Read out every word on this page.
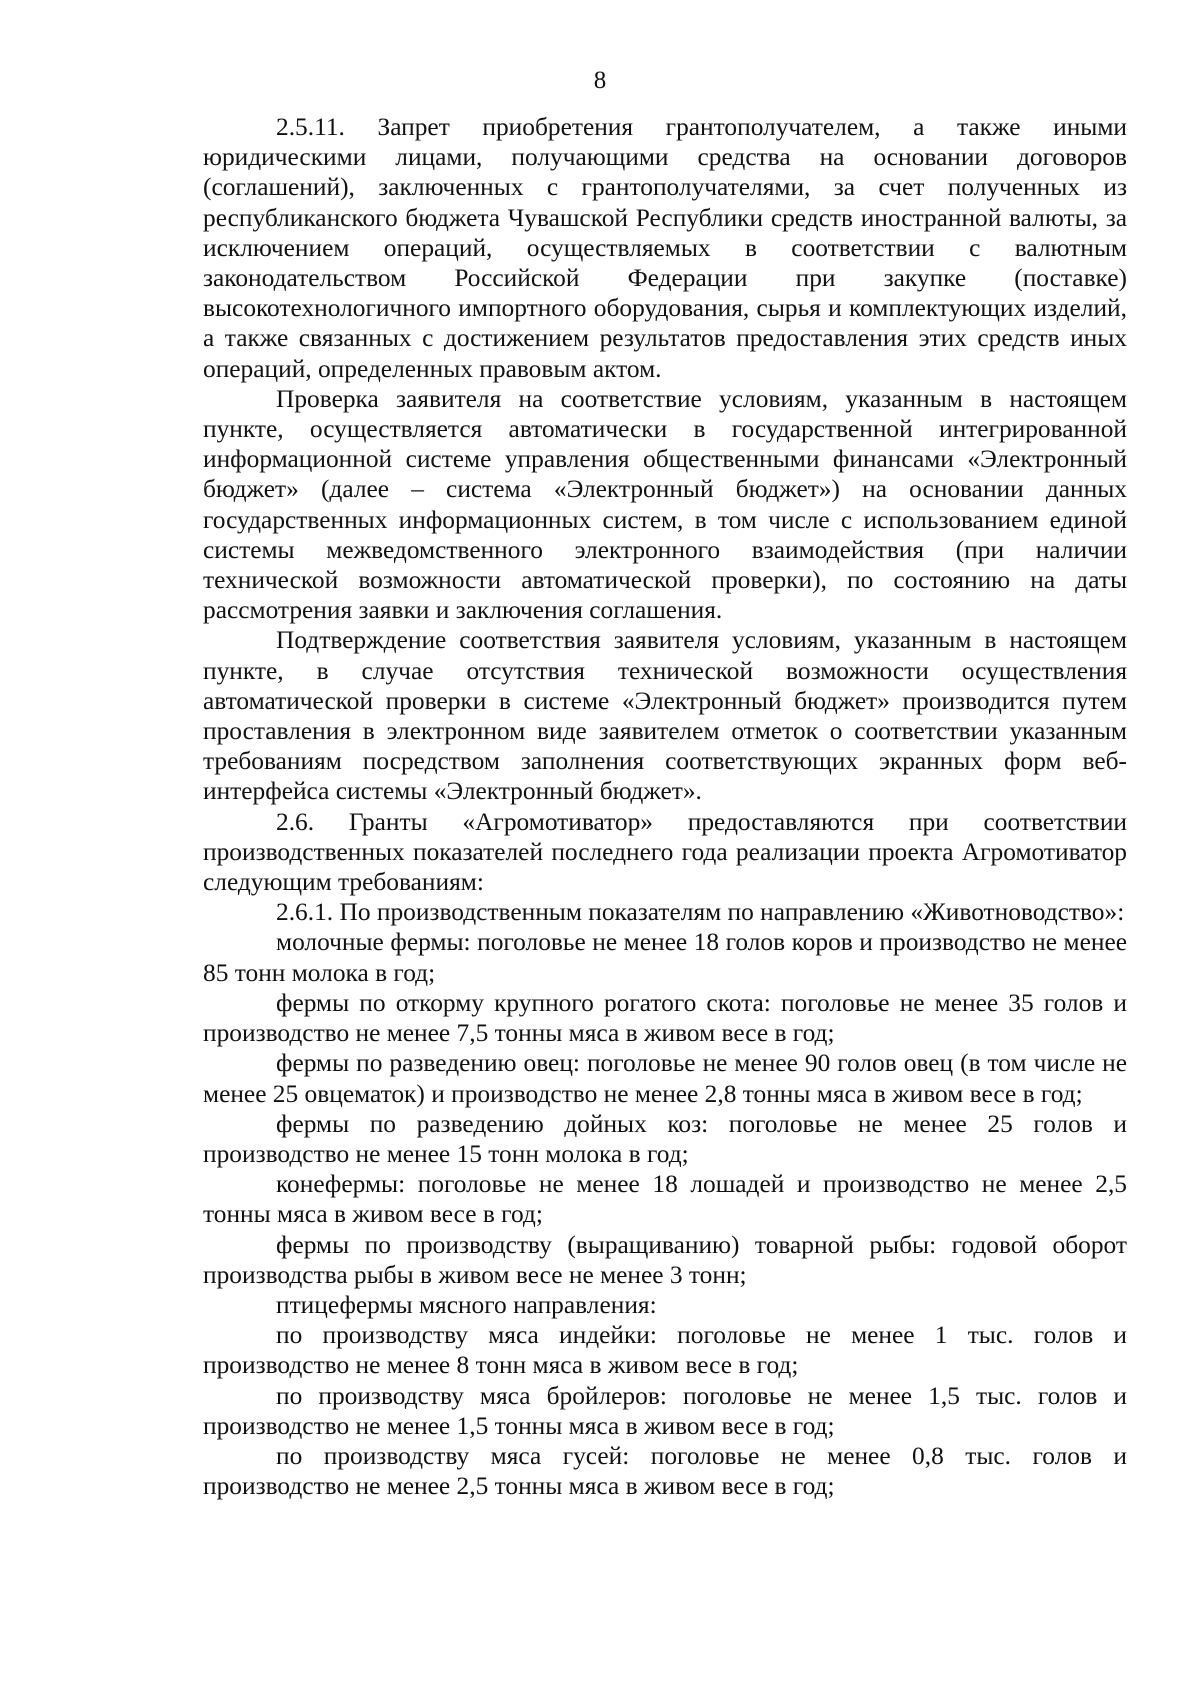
8

2.5.11. Запрет приобретения грантополучателем, а также иными юридическими лицами, получающими средства на основании договоров (соглашений), заключенных с грантополучателями, за счет полученных из республиканского бюджета Чувашской Республики средств иностранной валюты, за исключением операций, осуществляемых в соответствии с валютным законодательством Российской Федерации при закупке (поставке) высокотехнологичного импортного оборудования, сырья и комплектующих изделий, а также связанных с достижением результатов предоставления этих средств иных операций, определенных правовым актом.

Проверка заявителя на соответствие условиям, указанным в настоящем пункте, осуществляется автоматически в государственной интегрированной информационной системе управления общественными финансами «Электронный бюджет» (далее – система «Электронный бюджет») на основании данных государственных информационных систем, в том числе с использованием единой системы межведомственного электронного взаимодействия (при наличии технической возможности автоматической проверки), по состоянию на даты рассмотрения заявки и заключения соглашения.

Подтверждение соответствия заявителя условиям, указанным в настоящем пункте, в случае отсутствия технической возможности осуществления автоматической проверки в системе «Электронный бюджет» производится путем проставления в электронном виде заявителем отметок о соответствии указанным требованиям посредством заполнения соответствующих экранных форм веб-интерфейса системы «Электронный бюджет».

2.6. Гранты «Агромотиватор» предоставляются при соответствии производственных показателей последнего года реализации проекта Агромотиватор следующим требованиям:

2.6.1. По производственным показателям по направлению «Животноводство»:

молочные фермы: поголовье не менее 18 голов коров и производство не менее 85 тонн молока в год;

фермы по откорму крупного рогатого скота: поголовье не менее 35 голов и производство не менее 7,5 тонны мяса в живом весе в год;

фермы по разведению овец: поголовье не менее 90 голов овец (в том числе не менее 25 овцематок) и производство не менее 2,8 тонны мяса в живом весе в год;

фермы по разведению дойных коз: поголовье не менее 25 голов и производство не менее 15 тонн молока в год;

конефермы: поголовье не менее 18 лошадей и производство не менее 2,5 тонны мяса в живом весе в год;

фермы по производству (выращиванию) товарной рыбы: годовой оборот производства рыбы в живом весе не менее 3 тонн;

птицефермы мясного направления:

по производству мяса индейки: поголовье не менее 1 тыс. голов и производство не менее 8 тонн мяса в живом весе в год;

по производству мяса бройлеров: поголовье не менее 1,5 тыс. голов и производство не менее 1,5 тонны мяса в живом весе в год;

по производству мяса гусей: поголовье не менее 0,8 тыс. голов и производство не менее 2,5 тонны мяса в живом весе в год;
